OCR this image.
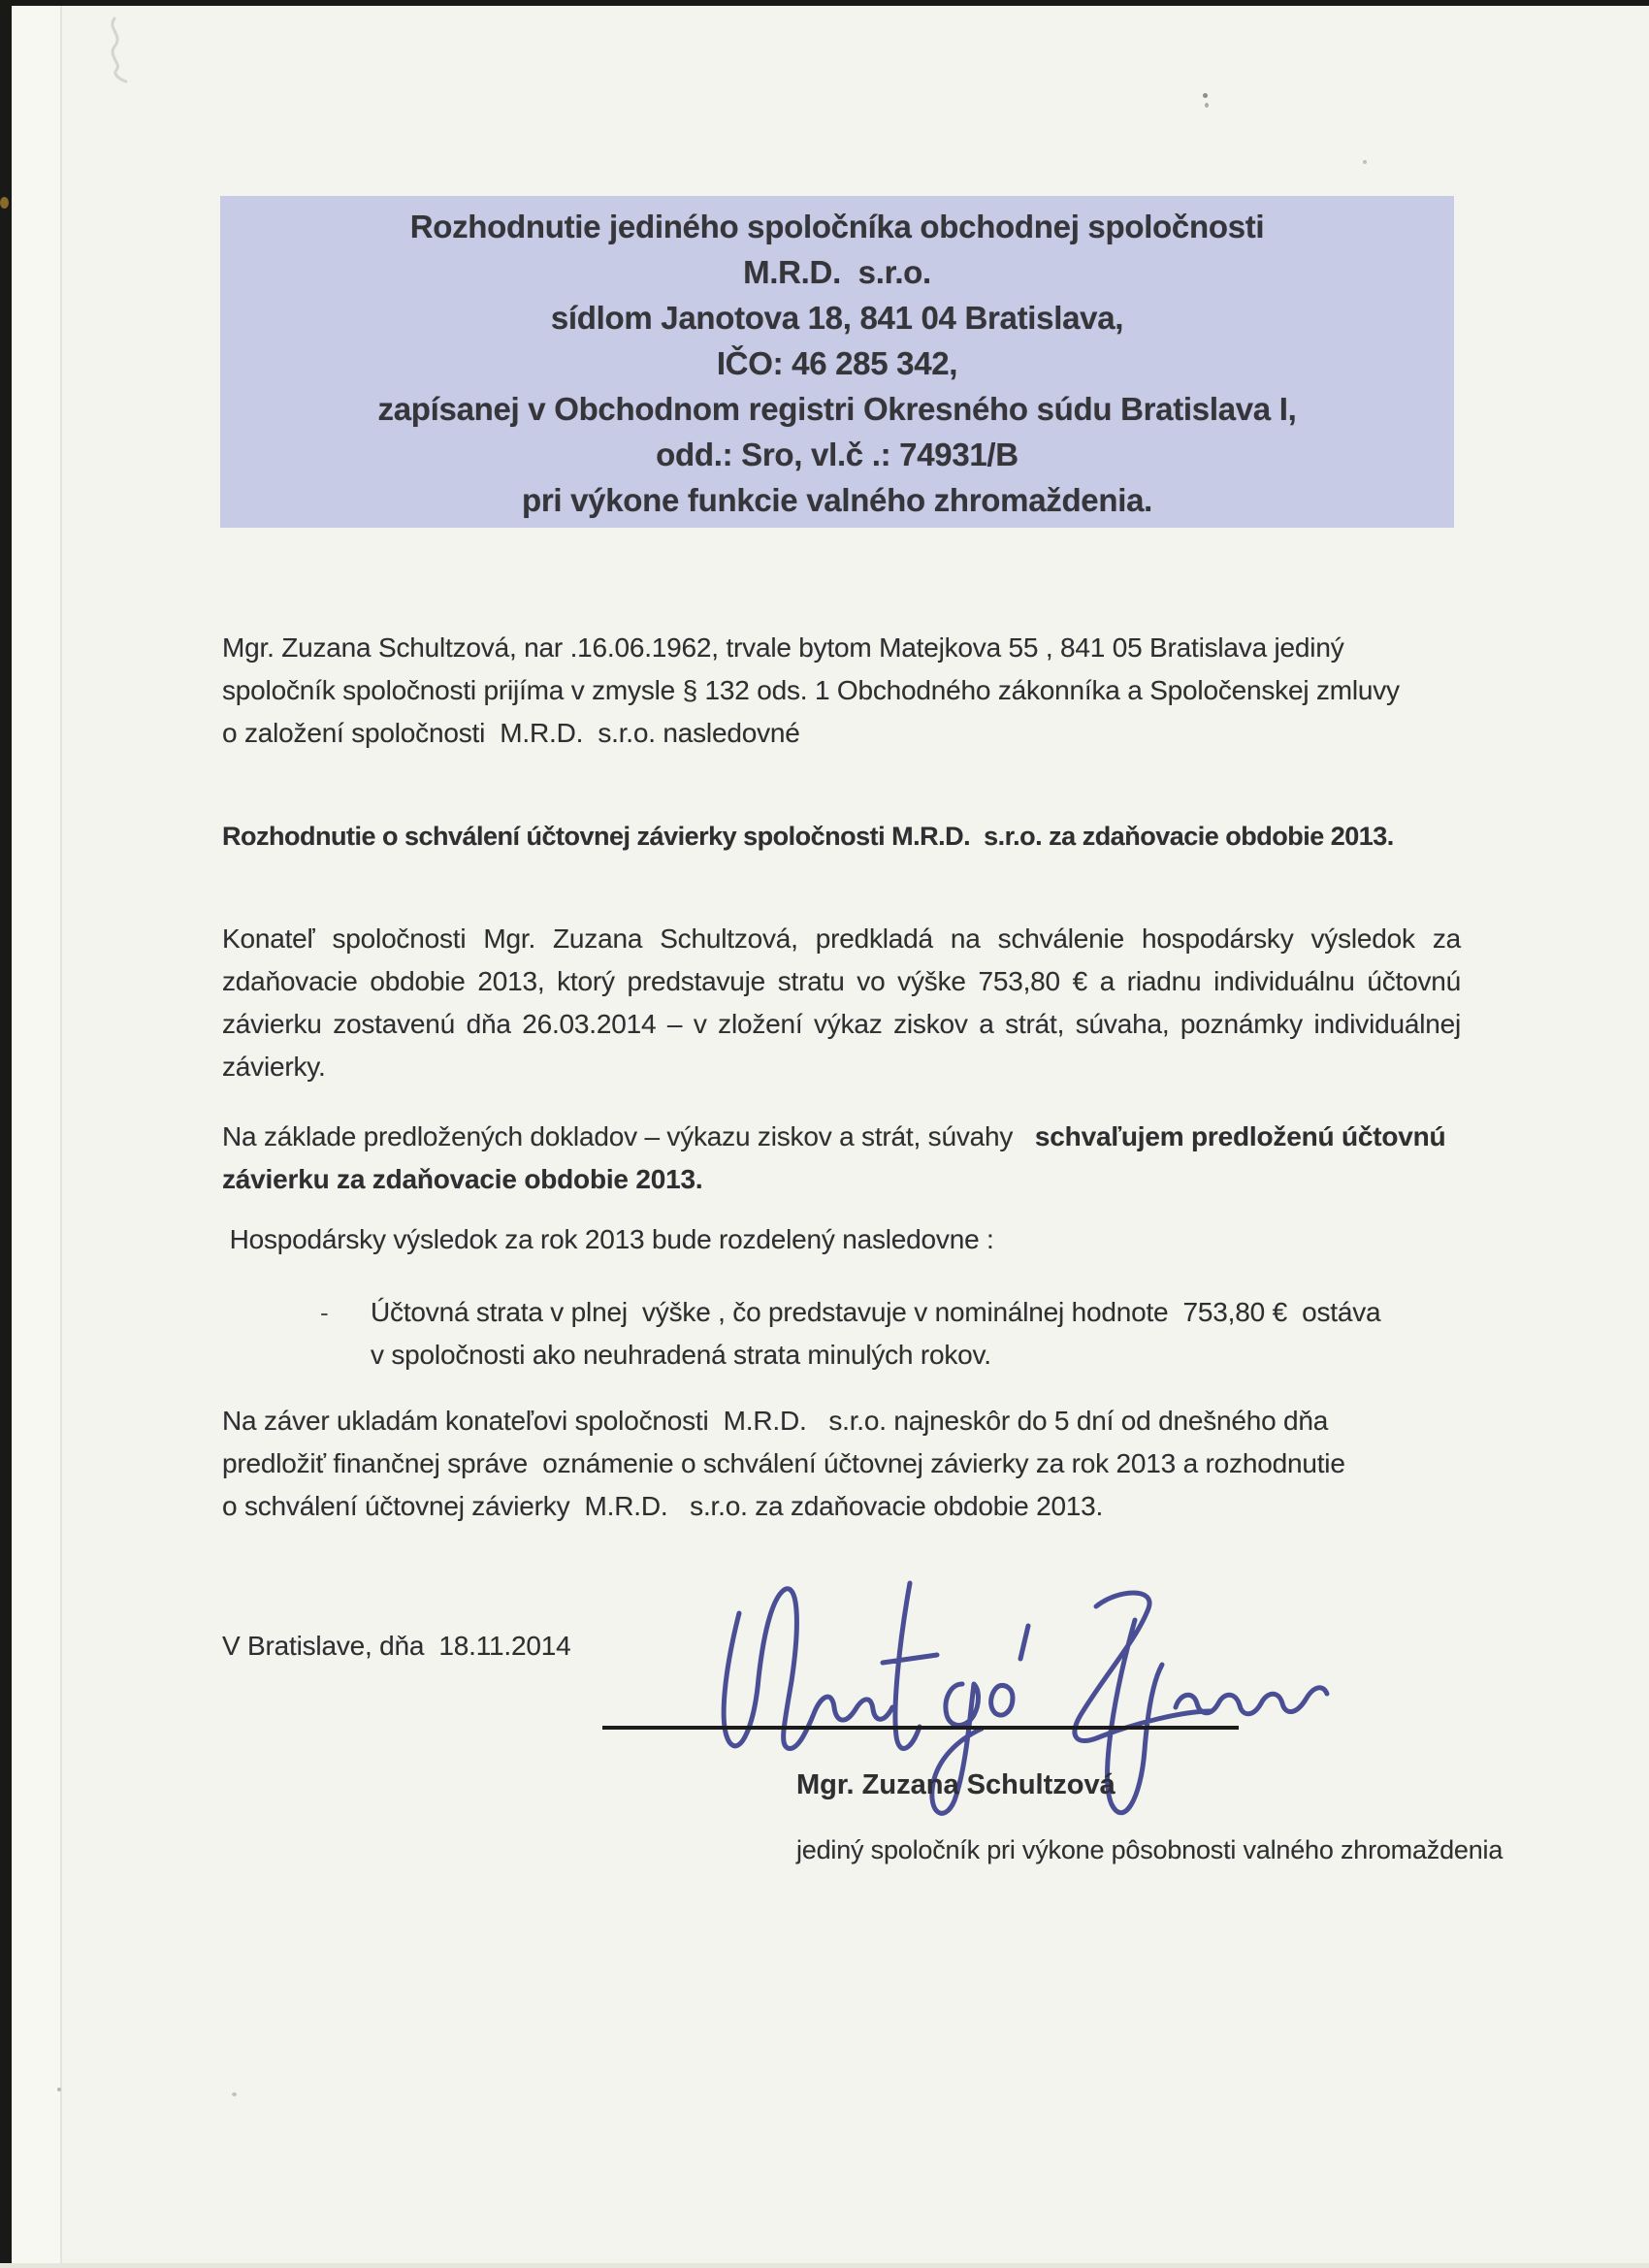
Rozhodnutie jediného spoločníka obchodnej spoločnosti
M.R.D.  s.r.o.
sídlom Janotova 18, 841 04 Bratislava,
IČO: 46 285 342,
zapísanej v Obchodnom registri Okresného súdu Bratislava I,
odd.: Sro, vl.č .: 74931/B
pri výkone funkcie valného zhromaždenia.
Mgr. Zuzana Schultzová, nar .16.06.1962, trvale bytom Matejkova 55 , 841 05 Bratislava jediný
spoločník spoločnosti prijíma v zmysle § 132 ods. 1 Obchodného zákonníka a Spoločenskej zmluvy
o založení spoločnosti  M.R.D.  s.r.o. nasledovné
Rozhodnutie o schválení účtovnej závierky spoločnosti M.R.D.  s.r.o. za zdaňovacie obdobie 2013.
Konateľ spoločnosti Mgr. Zuzana Schultzová, predkladá na schválenie hospodársky výsledok za
zdaňovacie obdobie 2013, ktorý predstavuje stratu vo výške 753,80 € a riadnu individuálnu účtovnú
závierku zostavenú dňa 26.03.2014 – v zložení výkaz ziskov a strát, súvaha, poznámky individuálnej
závierky.
Na základe predložených dokladov – výkazu ziskov a strát, súvahy   schvaľujem predloženú účtovnú
závierku za zdaňovacie obdobie 2013.
Hospodársky výsledok za rok 2013 bude rozdelený nasledovne :
- Účtovná strata v plnej  výške , čo predstavuje v nominálnej hodnote  753,80 €  ostáva
v spoločnosti ako neuhradená strata minulých rokov.
Na záver ukladám konateľovi spoločnosti  M.R.D.   s.r.o. najneskôr do 5 dní od dnešného dňa
predložiť finančnej správe  oznámenie o schválení účtovnej závierky za rok 2013 a rozhodnutie
o schválení účtovnej závierky  M.R.D.   s.r.o. za zdaňovacie obdobie 2013.
V Bratislave, dňa  18.11.2014
Mgr. Zuzana Schultzová
jediný spoločník pri výkone pôsobnosti valného zhromaždenia
